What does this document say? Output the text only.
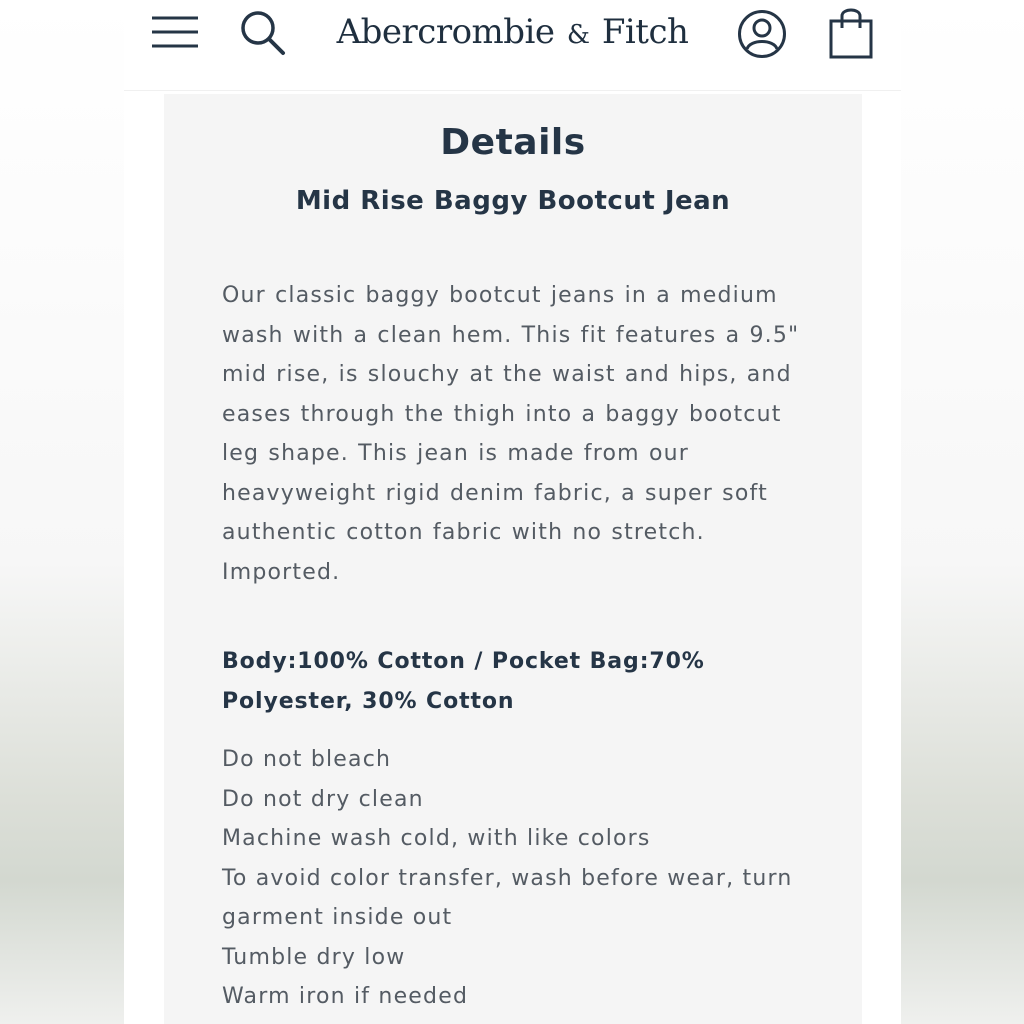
Abercrombie & Fitch
Details
Mid Rise Baggy Bootcut Jean

Our classic baggy bootcut jeans in a medium wash with a clean hem. This fit features a 9.5" mid rise, is slouchy at the waist and hips, and eases through the thigh into a baggy bootcut leg shape. This jean is made from our heavyweight rigid denim fabric, a super soft authentic cotton fabric with no stretch. Imported.

Body:100% Cotton / Pocket Bag:70% Polyester, 30% Cotton

Do not bleach
Do not dry clean
Machine wash cold, with like colors
To avoid color transfer, wash before wear, turn garment inside out
Tumble dry low
Warm iron if needed
